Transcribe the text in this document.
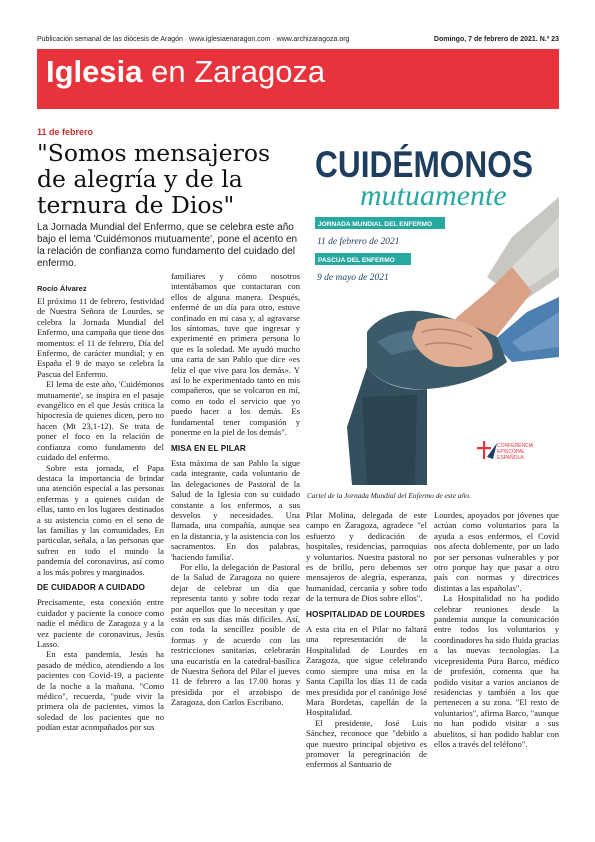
Publicación semanal de las diócesis de Aragón · www.iglesiaenaragon.com · www.archizaragoza.org	Domingo, 7 de febrero de 2021. N.º 23
Iglesia en Zaragoza
11 de febrero
"Somos mensajeros de alegría y de la ternura de Dios"
La Jornada Mundial del Enfermo, que se celebra este año bajo el lema 'Cuidémonos mutuamente', pone el acento en la relación de confianza como fundamento del cuidado del enfermo.
Rocío Álvarez

El próximo 11 de febrero, festividad de Nuestra Señora de Lourdes, se celebra la Jornada Mundial del Enfermo, una campaña que tiene dos momentos: el 11 de febrero, Día del Enfermo, de carácter mundial; y en España el 9 de mayo se celebra la Pascua del Enfermo.

El lema de este año, 'Cuidémonos mutuamente', se inspira en el pasaje evangélico en el que Jesús critica la hipocresía de quienes dicen, pero no hacen (Mt 23,1-12). Se trata de poner el foco en la relación de confianza como fundamento del cuidado del enfermo.

Sobre esta jornada, el Papa destaca la importancia de brindar una atención especial a las personas enfermas y a quienes cuidan de ellas, tanto en los lugares destinados a su asistencia como en el seno de las familias y las comunidades. En particular, señala, a las personas que sufren en todo el mundo la pandemia del coronavirus, así como a los más pobres y marginados.

DE CUIDADOR A CUIDADO

Precisamente, esta conexión entre cuidador y paciente la conoce como nadie el médico de Zaragoza y a la vez paciente de coronavirus, Jesús Lasso.

En esta pandemia, Jesús ha pasado de médico, atendiendo a los pacientes con Covid-19, a paciente de la noche a la mañana. "Como médico", recuerda, "pude vivir la primera ola de pacientes, vimos la soledad de los pacientes que no podían estar acompañados por sus

familiares y cómo nosotros intentábamos que contactaran con ellos de alguna manera. Después, enfermé de un día para otro, estuve confinado en mi casa y, al agravarse los síntomas, tuve que ingresar y experimenté en primera persona lo que es la soledad. Me ayudó mucho una carta de san Pablo que dice «es feliz el que vive para los demás». Y así lo he experimentado tanto en mis compañeros, que se volcaron en mí, como en todo el servicio que yo puedo hacer a los demás. Es fundamental tener compasión y ponerme en la piel de los demás".

MISA EN EL PILAR

Esta máxima de san Pablo la sigue cada integrante, cada voluntario de las delegaciones de Pastoral de la Salud de la Iglesia con su cuidado constante a los enfermos, a sus desvelos y necesidades. Una llamada, una compañía, aunque sea en la distancia, y la asistencia con los sacramentos. En dos palabras, 'haciendo familia'.

Por ello, la delegación de Pastoral de la Salud de Zaragoza no quiere dejar de celebrar un día que representa tanto y sobre todo rezar por aquellos que lo necesitan y que están en sus días más difíciles. Así, con toda la sencillez posible de formas y de acuerdo con las restricciones sanitarias, celebrarán una eucaristía en la catedral-basílica de Nuestra Señora del Pilar el jueves 11 de febrero a las 17.00 horas y presidida por el arzobispo de Zaragoza, don Carlos Escribano.

Pilar Molina, delegada de este campo en Zaragoza, agradece "el esfuerzo y dedicación de hospitales, residencias, parroquias y voluntarios. Nuestra pastoral no es de brillo, pero debemos ser mensajeros de alegría, esperanza, humanidad, cercanía y sobre todo de la ternura de Dios sobre ellos".

HOSPITALIDAD DE LOURDES

A esta cita en el Pilar no faltará una representación de la Hospitalidad de Lourdes en Zaragoza, que sigue celebrando como siempre una misa en la Santa Capilla los días 11 de cada mes presidida por el canónigo José Mara Bordetas, capellán de la Hospitalidad.

El presidente, José Luis Sánchez, reconoce que "debido a que nuestro principal objetivo es promover la peregrinación de enfermos al Santuario de

Lourdes, apoyados por jóvenes que actúan como voluntarios para la ayuda a esos enfermos, el Covid nos afecta doblemente, por un lado por ser personas vulnerables y por otro porque hay que pasar a otro país con normas y directrices distintas a las españolas".

La Hospitalidad no ha podido celebrar reuniones desde la pandemia aunque la comunicación entre todos los voluntarios y coordinadores ha sido fluida gracias a las nuevas tecnologías. La vicepresidenta Pura Barco, médico de profesión, comenta que ha podido visitar a varios ancianos de residencias y también a los que pertenecen a su zona. "El resto de voluntarios", afirma Barco, "aunque no han podido visitar a sus abuelitos, sí han podido hablar con ellos a través del teléfono".

CUIDÉMONOS
mutuamente
JORNADA MUNDIAL DEL ENFERMO
11 de febrero de 2021
PASCUA DEL ENFERMO
9 de mayo de 2021
CONFERENCIA
EPISCOPAL
ESPAÑOLA
Cartel de la Jornada Mundial del Enfermo de este año.
